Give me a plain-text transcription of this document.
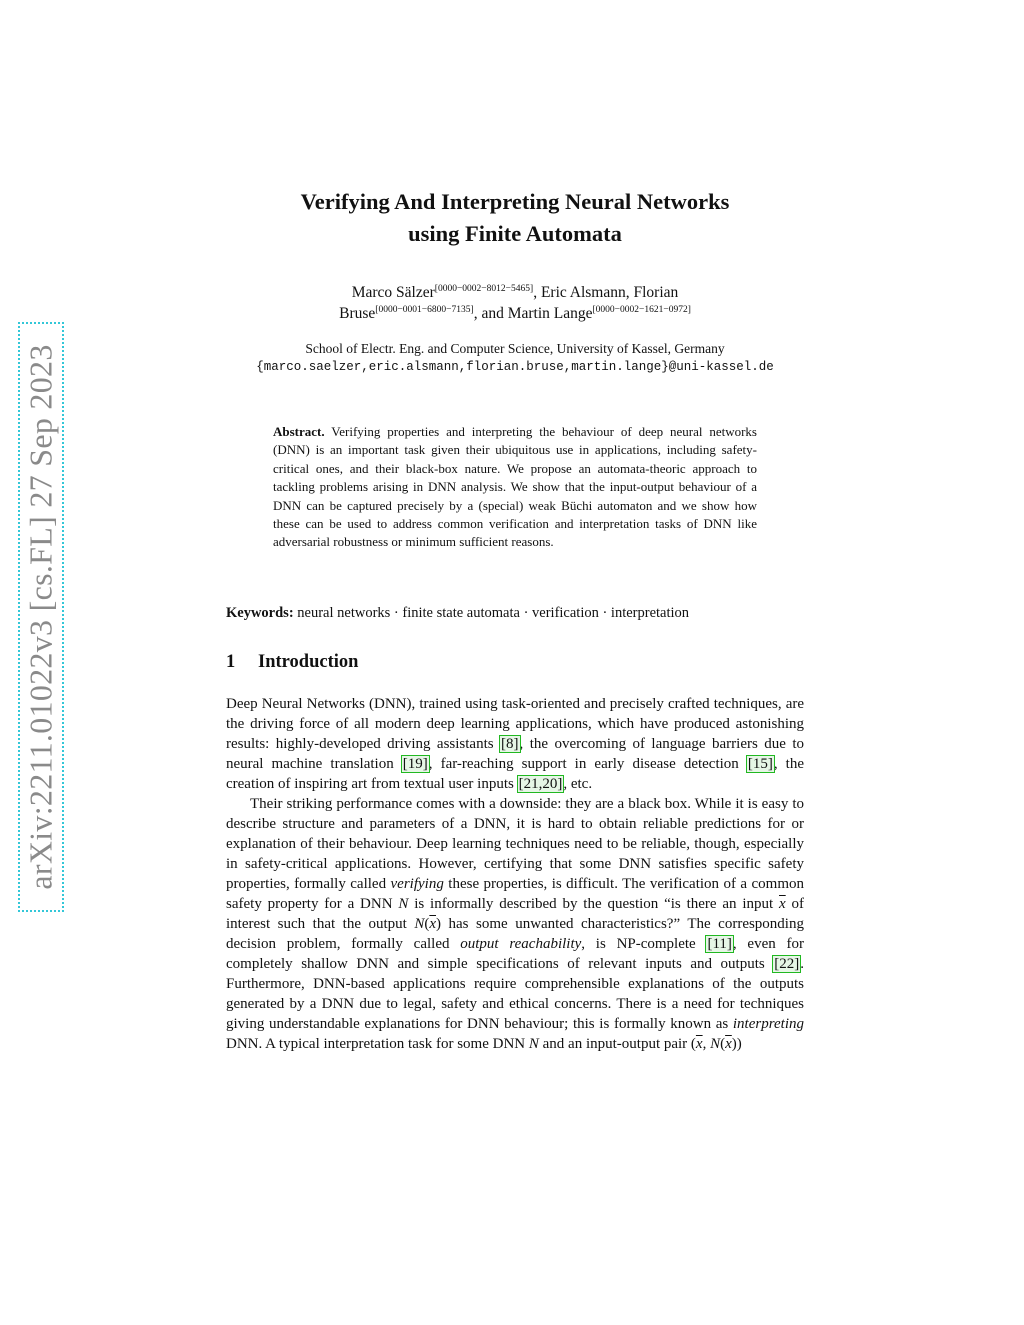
arXiv:2211.01022v3 [cs.FL] 27 Sep 2023
Verifying And Interpreting Neural Networks
using Finite Automata
Marco Sälzer[0000−0002−8012−5465], Eric Alsmann, Florian
Bruse[0000−0001−6800−7135], and Martin Lange[0000−0002−1621−0972]
School of Electr. Eng. and Computer Science, University of Kassel, Germany
{marco.saelzer,eric.alsmann,florian.bruse,martin.lange}@uni-kassel.de
Abstract. Verifying properties and interpreting the behaviour of deep neural networks (DNN) is an important task given their ubiquitous use in applications, including safety-critical ones, and their black-box nature. We propose an automata-theoric approach to tackling problems arising in DNN analysis. We show that the input-output behaviour of a DNN can be captured precisely by a (special) weak Büchi automaton and we show how these can be used to address common verification and interpretation tasks of DNN like adversarial robustness or minimum sufficient reasons.
Keywords: neural networks · finite state automata · verification · interpretation
1 Introduction

Deep Neural Networks (DNN), trained using task-oriented and precisely crafted techniques, are the driving force of all modern deep learning applications, which have produced astonishing results: highly-developed driving assistants [8], the overcoming of language barriers due to neural machine translation [19], far-reaching support in early disease detection [15], the creation of inspiring art from textual user inputs [21,20], etc.

Their striking performance comes with a downside: they are a black box. While it is easy to describe structure and parameters of a DNN, it is hard to obtain reliable predictions for or explanation of their behaviour. Deep learning techniques need to be reliable, though, especially in safety-critical applications. However, certifying that some DNN satisfies specific safety properties, formally called verifying these properties, is difficult. The verification of a common safety property for a DNN N is informally described by the question “is there an input $\overline{x}$ of interest such that the output $N(\overline{x})$ has some unwanted characteristics?” The corresponding decision problem, formally called output reachability, is NP-complete [11], even for completely shallow DNN and simple specifications of relevant inputs and outputs [22]. Furthermore, DNN-based applications require comprehensible explanations of the outputs generated by a DNN due to legal, safety and ethical concerns. There is a need for techniques giving understandable explanations for DNN behaviour; this is formally known as interpreting DNN. A typical interpretation task for some DNN N and an input-output pair ($\overline{x}$, $N(\overline{x})$)
